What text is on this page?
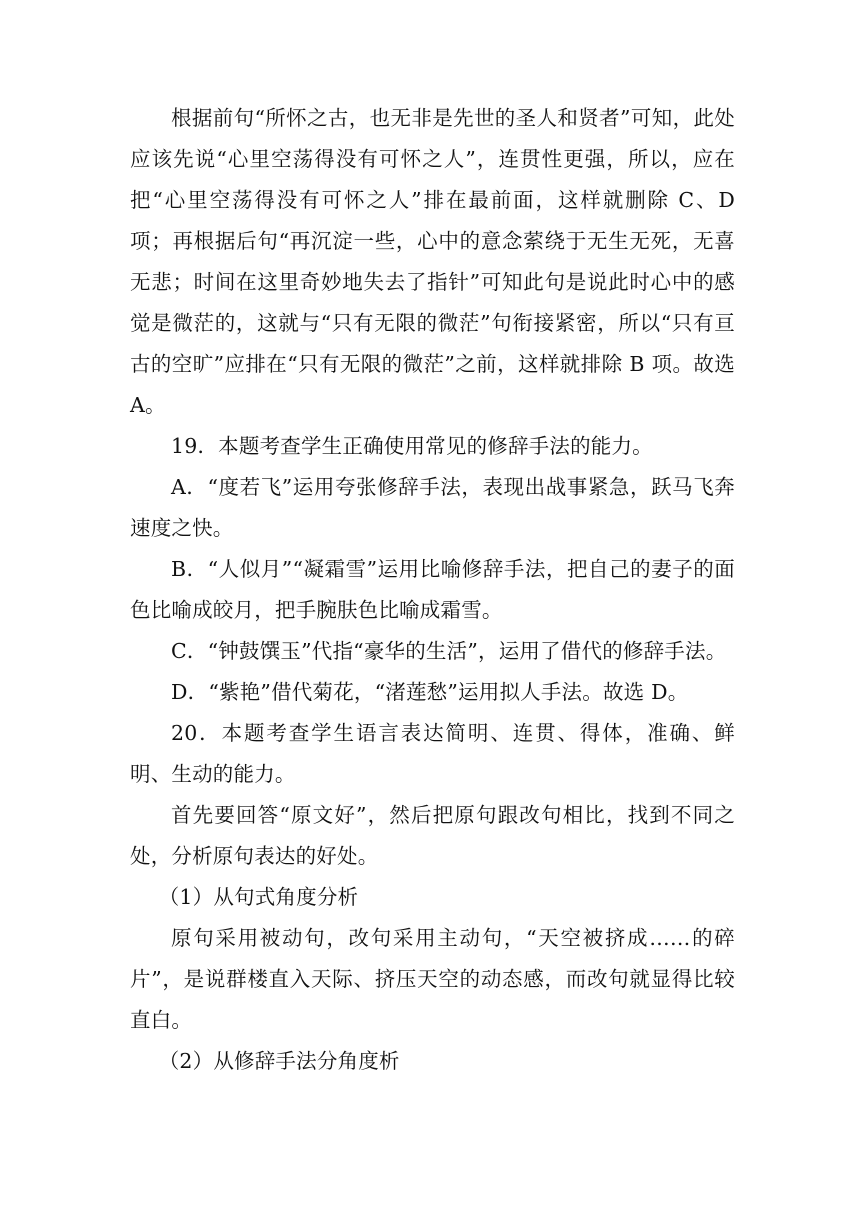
根据前句“所怀之古，也无非是先世的圣人和贤者”可知，此处应该先说“心里空荡得没有可怀之人”，连贯性更强，所以，应在把“心里空荡得没有可怀之人”排在最前面，这样就删除 C、D 项；再根据后句“再沉淀一些，心中的意念萦绕于无生无死，无喜无悲；时间在这里奇妙地失去了指针”可知此句是说此时心中的感觉是微茫的，这就与“只有无限的微茫”句衔接紧密，所以“只有亘古的空旷”应排在“只有无限的微茫”之前，这样就排除 B 项。故选 A。

19．本题考查学生正确使用常见的修辞手法的能力。

A．“度若飞”运用夸张修辞手法，表现出战事紧急，跃马飞奔速度之快。

B．“人似月”“凝霜雪”运用比喻修辞手法，把自己的妻子的面色比喻成皎月，把手腕肤色比喻成霜雪。

C．“钟鼓馔玉”代指“豪华的生活”，运用了借代的修辞手法。

D．“紫艳”借代菊花，“渚莲愁”运用拟人手法。故选 D。

20．本题考查学生语言表达简明、连贯、得体，准确、鲜明、生动的能力。

首先要回答“原文好”，然后把原句跟改句相比，找到不同之处，分析原句表达的好处。

（1）从句式角度分析

原句采用被动句，改句采用主动句，“天空被挤成……的碎片”，是说群楼直入天际、挤压天空的动态感，而改句就显得比较直白。

（2）从修辞手法分角度析
